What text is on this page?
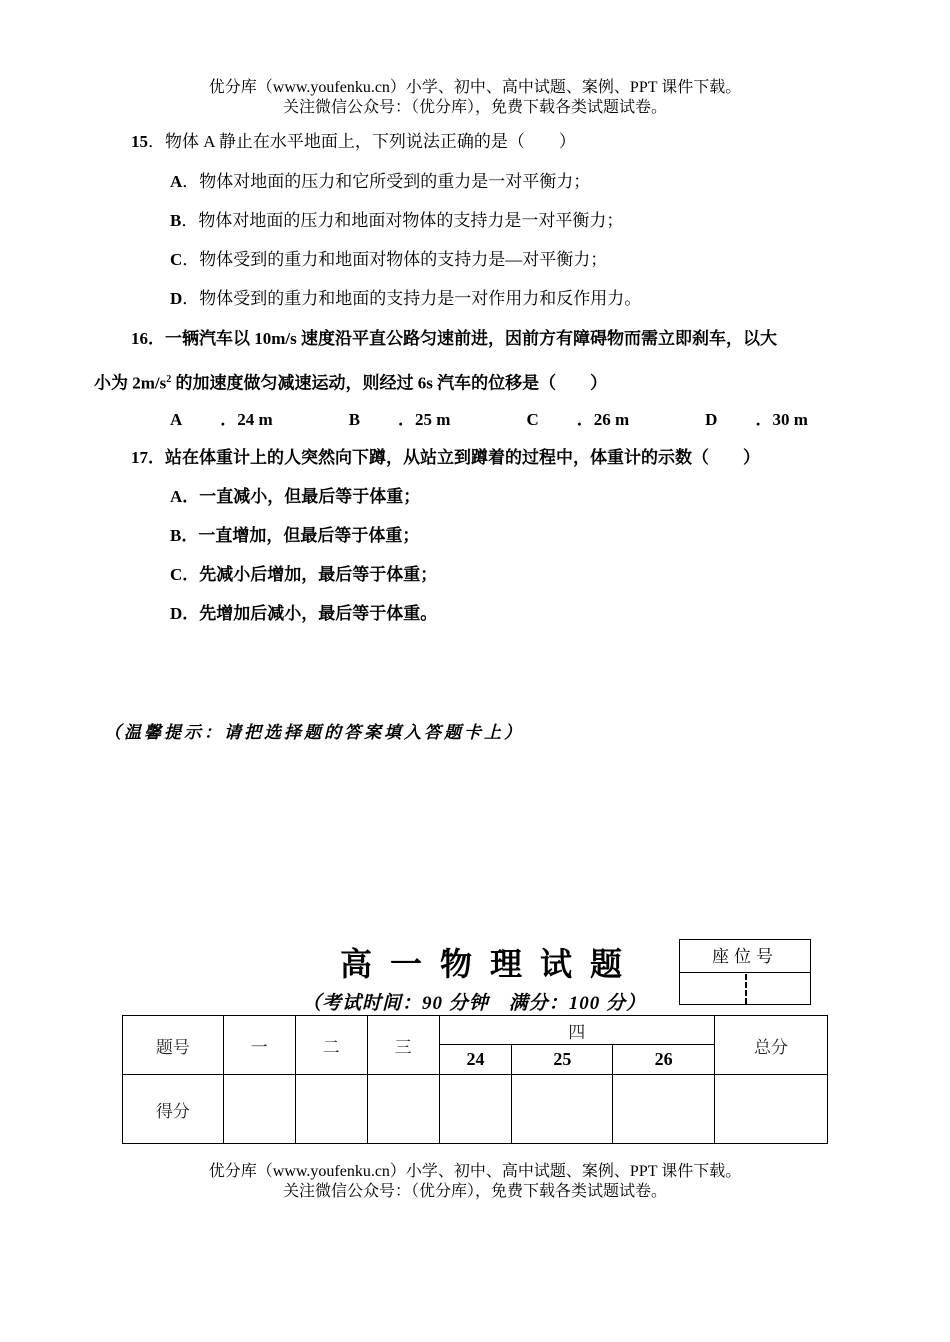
优分库（www.youfenku.cn）小学、初中、高中试题、案例、PPT 课件下载。
关注微信公众号：（优分库），免费下载各类试题试卷。
15．物体 A 静止在水平地面上，下列说法正确的是（　　）
A．物体对地面的压力和它所受到的重力是一对平衡力；
B．物体对地面的压力和地面对物体的支持力是一对平衡力；
C．物体受到的重力和地面对物体的支持力是—对平衡力；
D．物体受到的重力和地面的支持力是一对作用力和反作用力。
16．一辆汽车以 10m/s 速度沿平直公路匀速前进，因前方有障碍物而需立即刹车，以大
小为 $2m/s^2$ 的加速度做匀减速运动，则经过 6s 汽车的位移是（　　）
A ．24 m	B ．25 m	C ．26 m	D ．30 m
17．站在体重计上的人突然向下蹲，从站立到蹲着的过程中，体重计的示数（　　）
A．一直减小，但最后等于体重；
B．一直增加，但最后等于体重；
C．先减小后增加，最后等于体重；
D．先增加后减小，最后等于体重。
（温馨提示：请把选择题的答案填入答题卡上）
高一物理试题
（考试时间：90 分钟　满分：100 分）
座位号
题号	一	二	三	四			总分
				24	25	26	
得分							
优分库（www.youfenku.cn）小学、初中、高中试题、案例、PPT 课件下载。
关注微信公众号：（优分库），免费下载各类试题试卷。
